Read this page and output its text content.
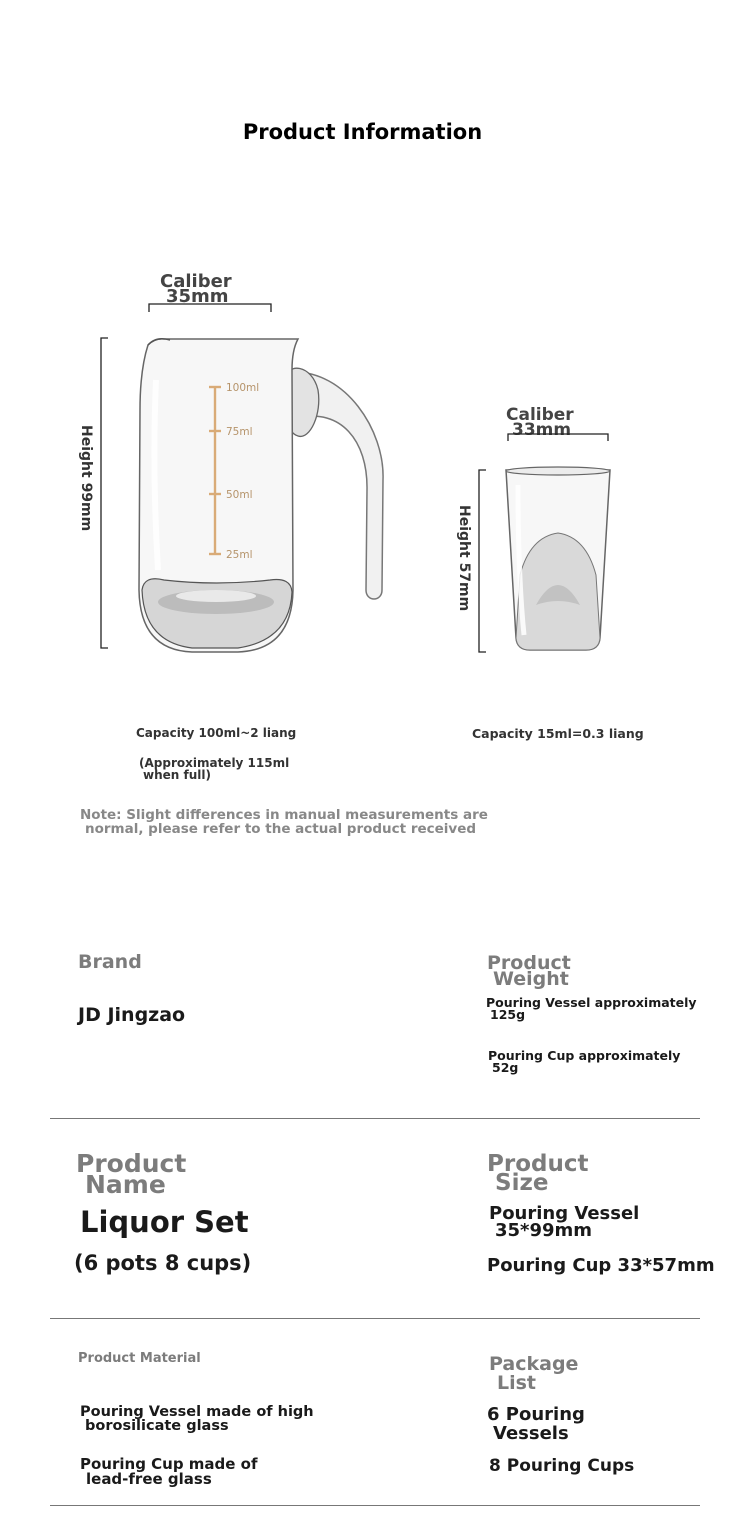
Product Information
Caliber
35mm
100ml
75ml
50ml
25ml
Height 99mm
Capacity 100ml~2 liang
(Approximately 115ml
when full)
Caliber
33mm
Height 57mm
Capacity 15ml=0.3 liang
Note: Slight differences in manual measurements are
normal, please refer to the actual product received
Brand
JD Jingzao
Product
Weight
Pouring Vessel approximately
125g
Pouring Cup approximately
52g
Product
Name
Liquor Set
(6 pots 8 cups)
Product
Size
Pouring Vessel
35*99mm
Pouring Cup 33*57mm
Product Material
Pouring Vessel made of high
borosilicate glass
Pouring Cup made of
lead-free glass
Package
List
6 Pouring
Vessels
8 Pouring Cups
